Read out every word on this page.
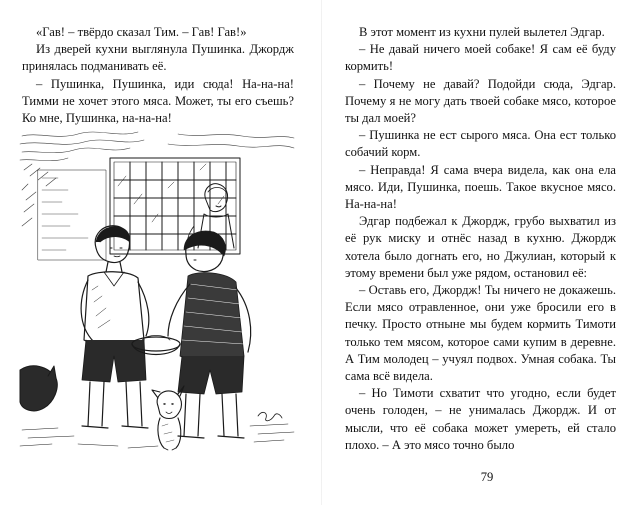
«Гав! – твёрдо сказал Тим. – Гав! Гав!»

Из дверей кухни выглянула Пушинка. Джордж принялась подманивать её.

– Пушинка, Пушинка, иди сюда! На-на-на! Тимми не хочет этого мяса. Может, ты его съешь? Ко мне, Пушинка, на-на-на!

В этот момент из кухни пулей вылетел Эдгар.

– Не давай ничего моей собаке! Я сам её буду кормить!

– Почему не давай? Подойди сюда, Эдгар. Почему я не могу дать твоей собаке мясо, которое ты дал моей?

– Пушинка не ест сырого мяса. Она ест только собачий корм.

– Неправда! Я сама вчера видела, как она ела мясо. Иди, Пушинка, поешь. Такое вкусное мясо. На-на-на!

Эдгар подбежал к Джордж, грубо выхватил из её рук миску и отнёс назад в кухню. Джордж хотела было догнать его, но Джулиан, который к этому времени был уже рядом, остановил её:

– Оставь его, Джордж! Ты ничего не докажешь. Если мясо отравленное, они уже бросили его в печку. Просто отныне мы будем кормить Тимоти только тем мясом, которое сами купим в деревне. А Тим молодец – учуял подвох. Умная собака. Ты сама всё видела.

– Но Тимоти схватит что угодно, если будет очень голоден, – не унималась Джордж. И от мысли, что её собака может умереть, ей стало плохо. – А это мясо точно было

79
